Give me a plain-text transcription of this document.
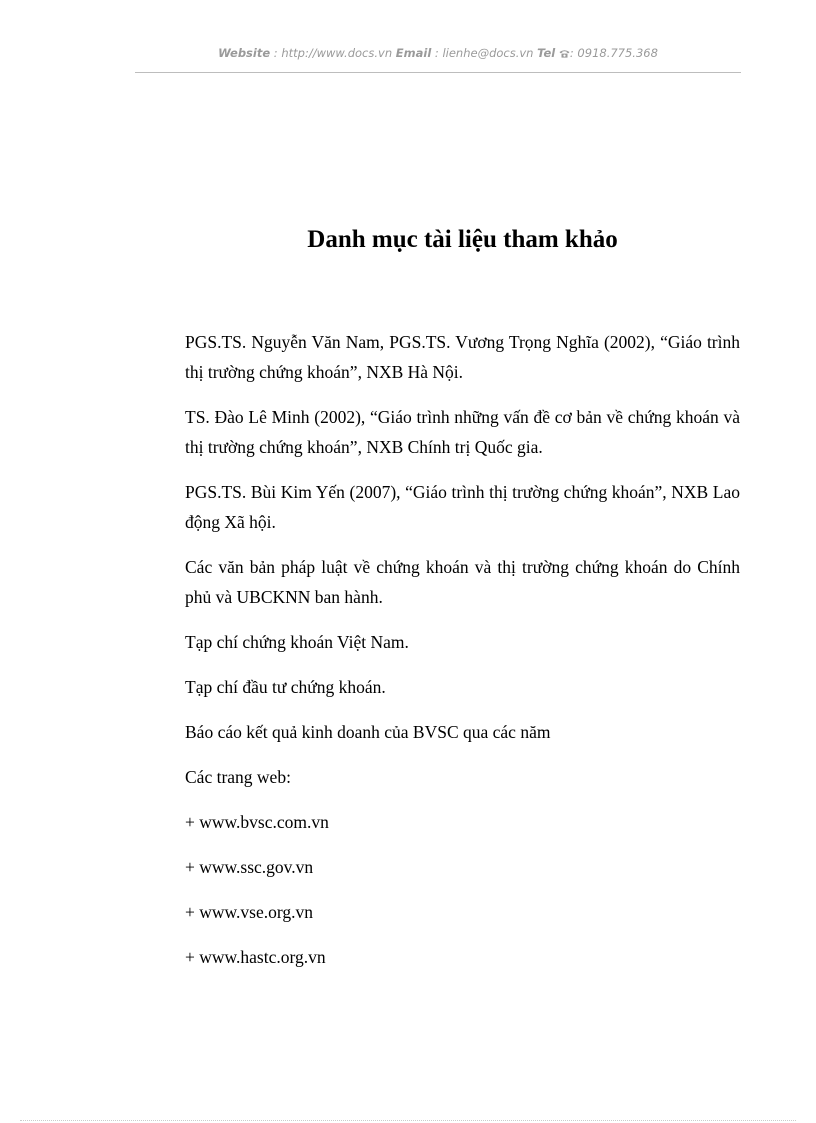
Website : http://www.docs.vn Email : lienhe@docs.vn Tel : 0918.775.368
Danh mục tài liệu tham khảo

PGS.TS. Nguyễn Văn Nam, PGS.TS. Vương Trọng Nghĩa (2002), “Giáo trình thị trường chứng khoán”, NXB Hà Nội.

TS. Đào Lê Minh (2002), “Giáo trình những vấn đề cơ bản về chứng khoán và thị trường chứng khoán”, NXB Chính trị Quốc gia.

PGS.TS. Bùi Kim Yến (2007), “Giáo trình thị trường chứng khoán”, NXB Lao động Xã hội.

Các văn bản pháp luật về chứng khoán và thị trường chứng khoán do Chính phủ và UBCKNN ban hành.

Tạp chí chứng khoán Việt Nam.

Tạp chí đầu tư chứng khoán.

Báo cáo kết quả kinh doanh của BVSC qua các năm

Các trang web:

+ www.bvsc.com.vn

+ www.ssc.gov.vn

+ www.vse.org.vn

+ www.hastc.org.vn
